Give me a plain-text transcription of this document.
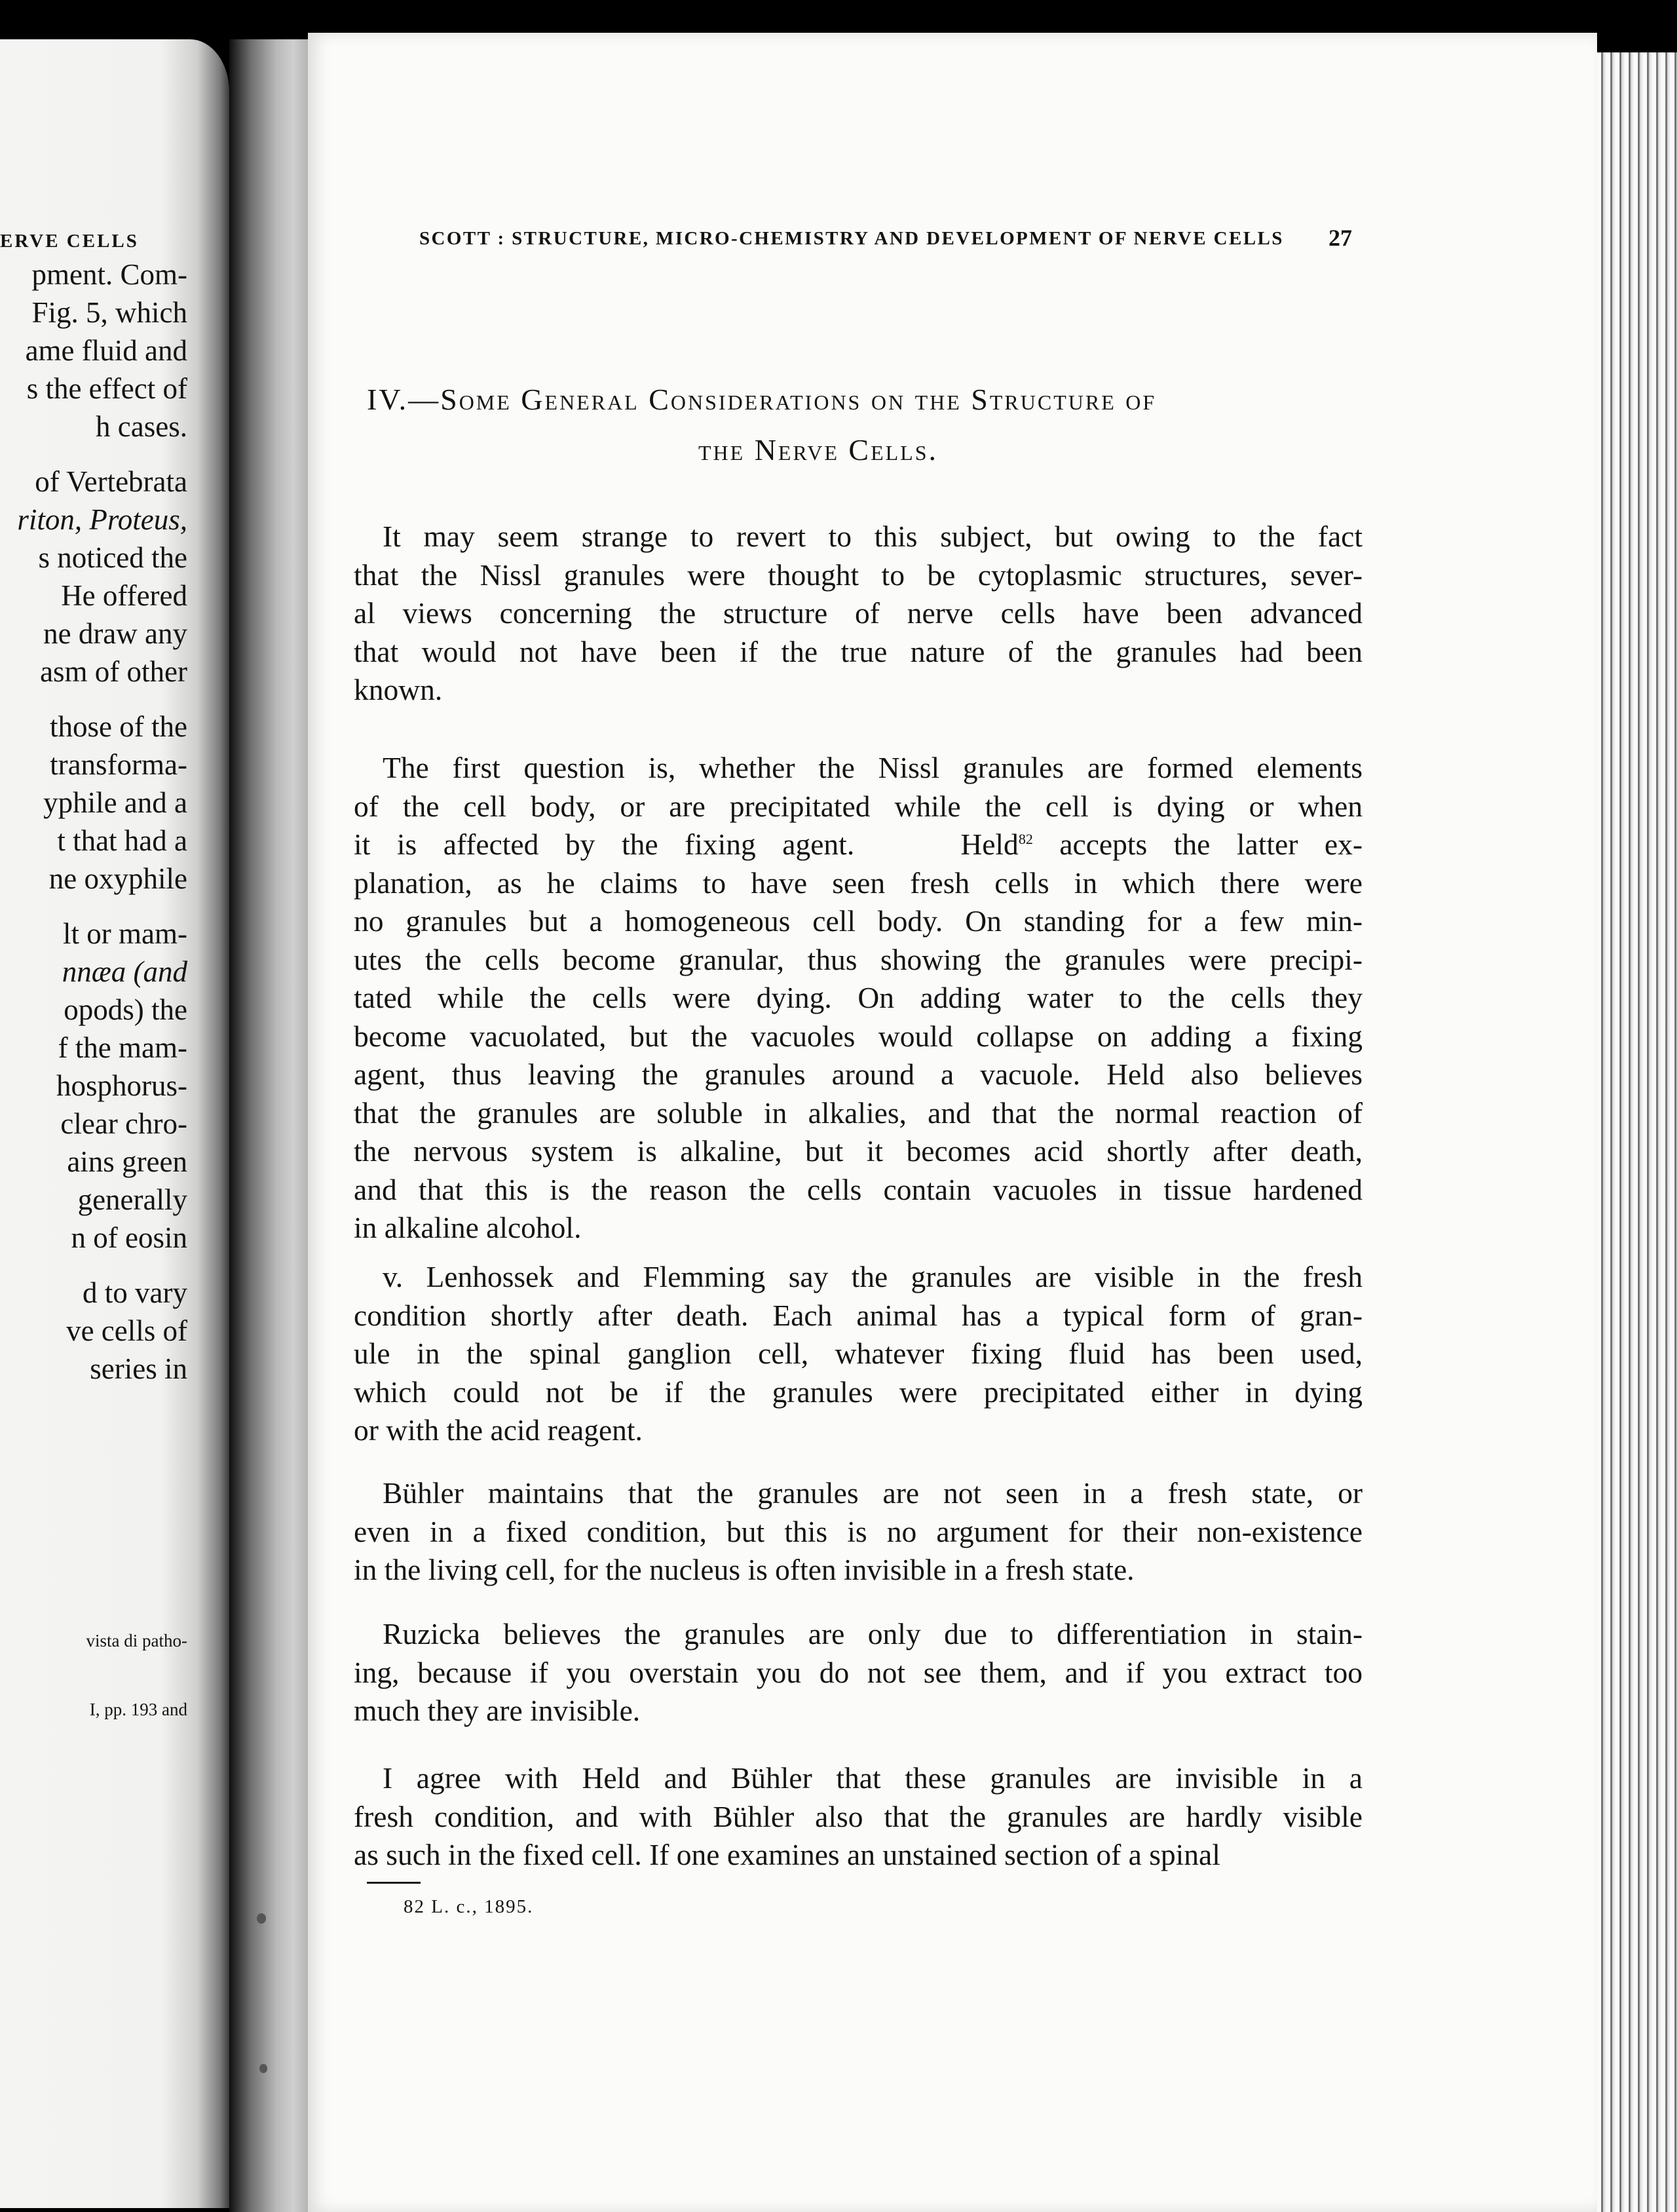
ERVE CELLS
pment. Com-
Fig. 5, which
ame fluid and
s the effect of
h cases.
of Vertebrata
riton, Proteus,
s noticed the
He offered
ne draw any
asm of other
those of the
transforma-
yphile and a
t that had a
ne oxyphile
lt or mam-
nnæa (and
opods) the
f the mam-
hosphorus-
clear chro-
ains green
generally
n of eosin
d to vary
ve cells of
series in
vista di patho-
I, pp. 193 and
SCOTT : STRUCTURE, MICRO-CHEMISTRY AND DEVELOPMENT OF NERVE CELLS 27
IV.—Some General Considerations on the Structure of
the Nerve Cells.
It may seem strange to revert to this subject, but owing to the fact
that the Nissl granules were thought to be cytoplasmic structures, sever-
al views concerning the structure of nerve cells have been advanced
that would not have been if the true nature of the granules had been
known.
The first question is, whether the Nissl granules are formed elements
of the cell body, or are precipitated while the cell is dying or when
it is affected by the fixing agent.    Held$^{82}$ accepts the latter ex-
planation, as he claims to have seen fresh cells in which there were
no granules but a homogeneous cell body. On standing for a few min-
utes the cells become granular, thus showing the granules were precipi-
tated while the cells were dying. On adding water to the cells they
become vacuolated, but the vacuoles would collapse on adding a fixing
agent, thus leaving the granules around a vacuole. Held also believes
that the granules are soluble in alkalies, and that the normal reaction of
the nervous system is alkaline, but it becomes acid shortly after death,
and that this is the reason the cells contain vacuoles in tissue hardened
in alkaline alcohol.
v. Lenhossek and Flemming say the granules are visible in the fresh
condition shortly after death. Each animal has a typical form of gran-
ule in the spinal ganglion cell, whatever fixing fluid has been used,
which could not be if the granules were precipitated either in dying
or with the acid reagent.
Bühler maintains that the granules are not seen in a fresh state, or
even in a fixed condition, but this is no argument for their non-existence
in the living cell, for the nucleus is often invisible in a fresh state.
Ruzicka believes the granules are only due to differentiation in stain-
ing, because if you overstain you do not see them, and if you extract too
much they are invisible.
I agree with Held and Bühler that these granules are invisible in a
fresh condition, and with Bühler also that the granules are hardly visible
as such in the fixed cell. If one examines an unstained section of a spinal
82 L. c., 1895.
